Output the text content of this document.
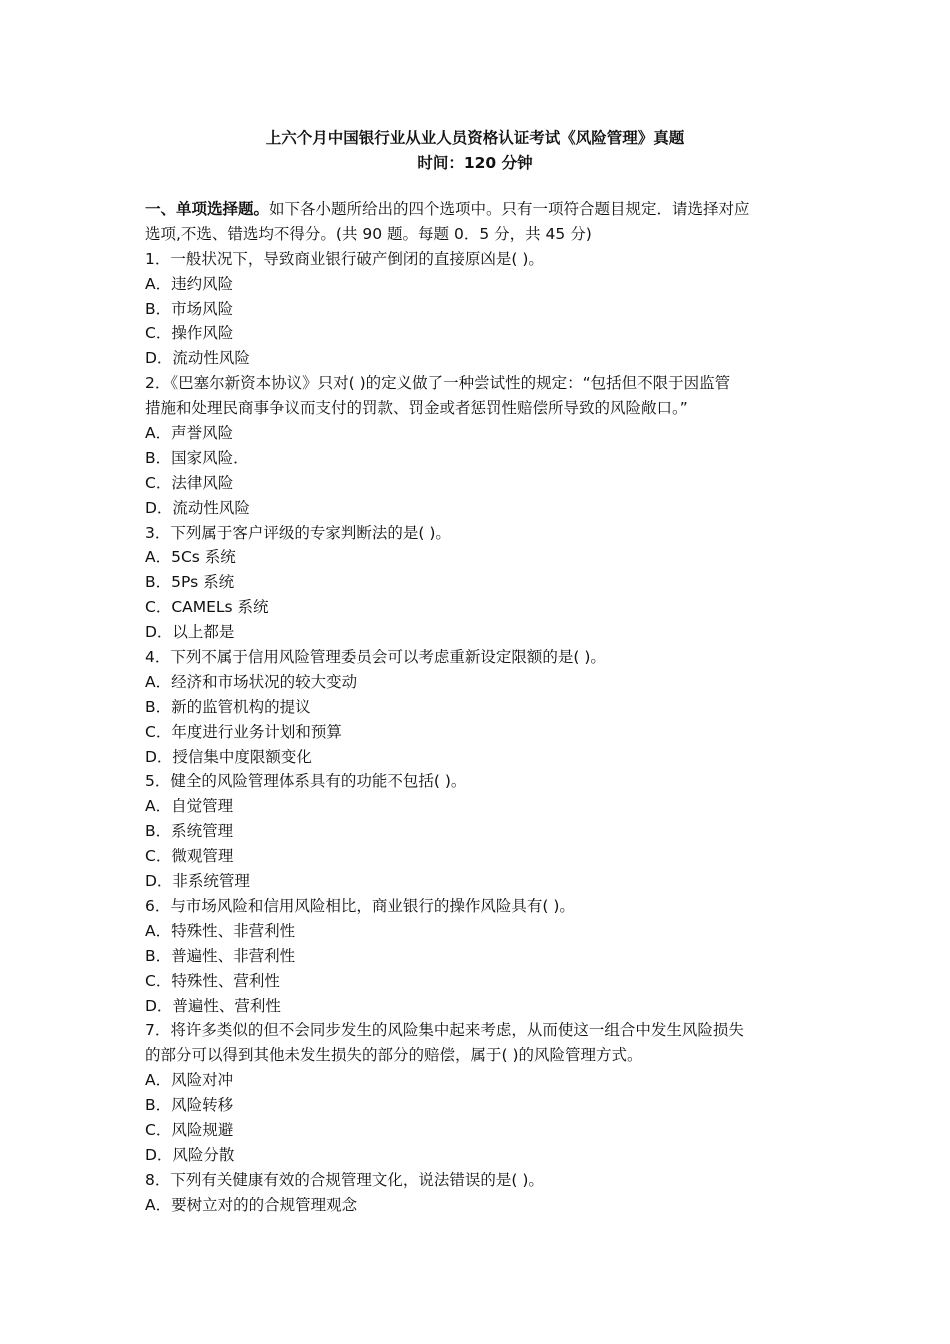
上六个月中国银行业从业人员资格认证考试《风险管理》真题
时间：120 分钟
一、单项选择题。如下各小题所给出的四个选项中。只有一项符合题目规定．请选择对应
选项,不选、错选均不得分。(共 90 题。每题 0．5 分，共 45 分)
1．一般状况下，导致商业银行破产倒闭的直接原凶是( )。
A．违约风险
B．市场风险
C．操作风险
D．流动性风险
2．《巴塞尔新资本协议》只对( )的定义做了一种尝试性的规定：“包括但不限于因监管
措施和处理民商事争议而支付的罚款、罚金或者惩罚性赔偿所导致的风险敞口。”
A．声誉风险
B．国家风险．
C．法律风险
D．流动性风险
3．下列属于客户评级的专家判断法的是( )。
A．5Cs 系统
B．5Ps 系统
C．CAMELs 系统
D．以上都是
4．下列不属于信用风险管理委员会可以考虑重新设定限额的是( )。
A．经济和市场状况的较大变动
B．新的监管机构的提议
C．年度进行业务计划和预算
D．授信集中度限额变化
5．健全的风险管理体系具有的功能不包括( )。
A．自觉管理
B．系统管理
C．微观管理
D．非系统管理
6．与市场风险和信用风险相比，商业银行的操作风险具有( )。
A．特殊性、非营利性
B．普遍性、非营利性
C．特殊性、营利性
D．普遍性、营利性
7．将许多类似的但不会同步发生的风险集中起来考虑，从而使这一组合中发生风险损失
的部分可以得到其他未发生损失的部分的赔偿，属于( )的风险管理方式。
A．风险对冲
B．风险转移
C．风险规避
D．风险分散
8．下列有关健康有效的合规管理文化，说法错误的是( )。
A．要树立对的的合规管理观念
